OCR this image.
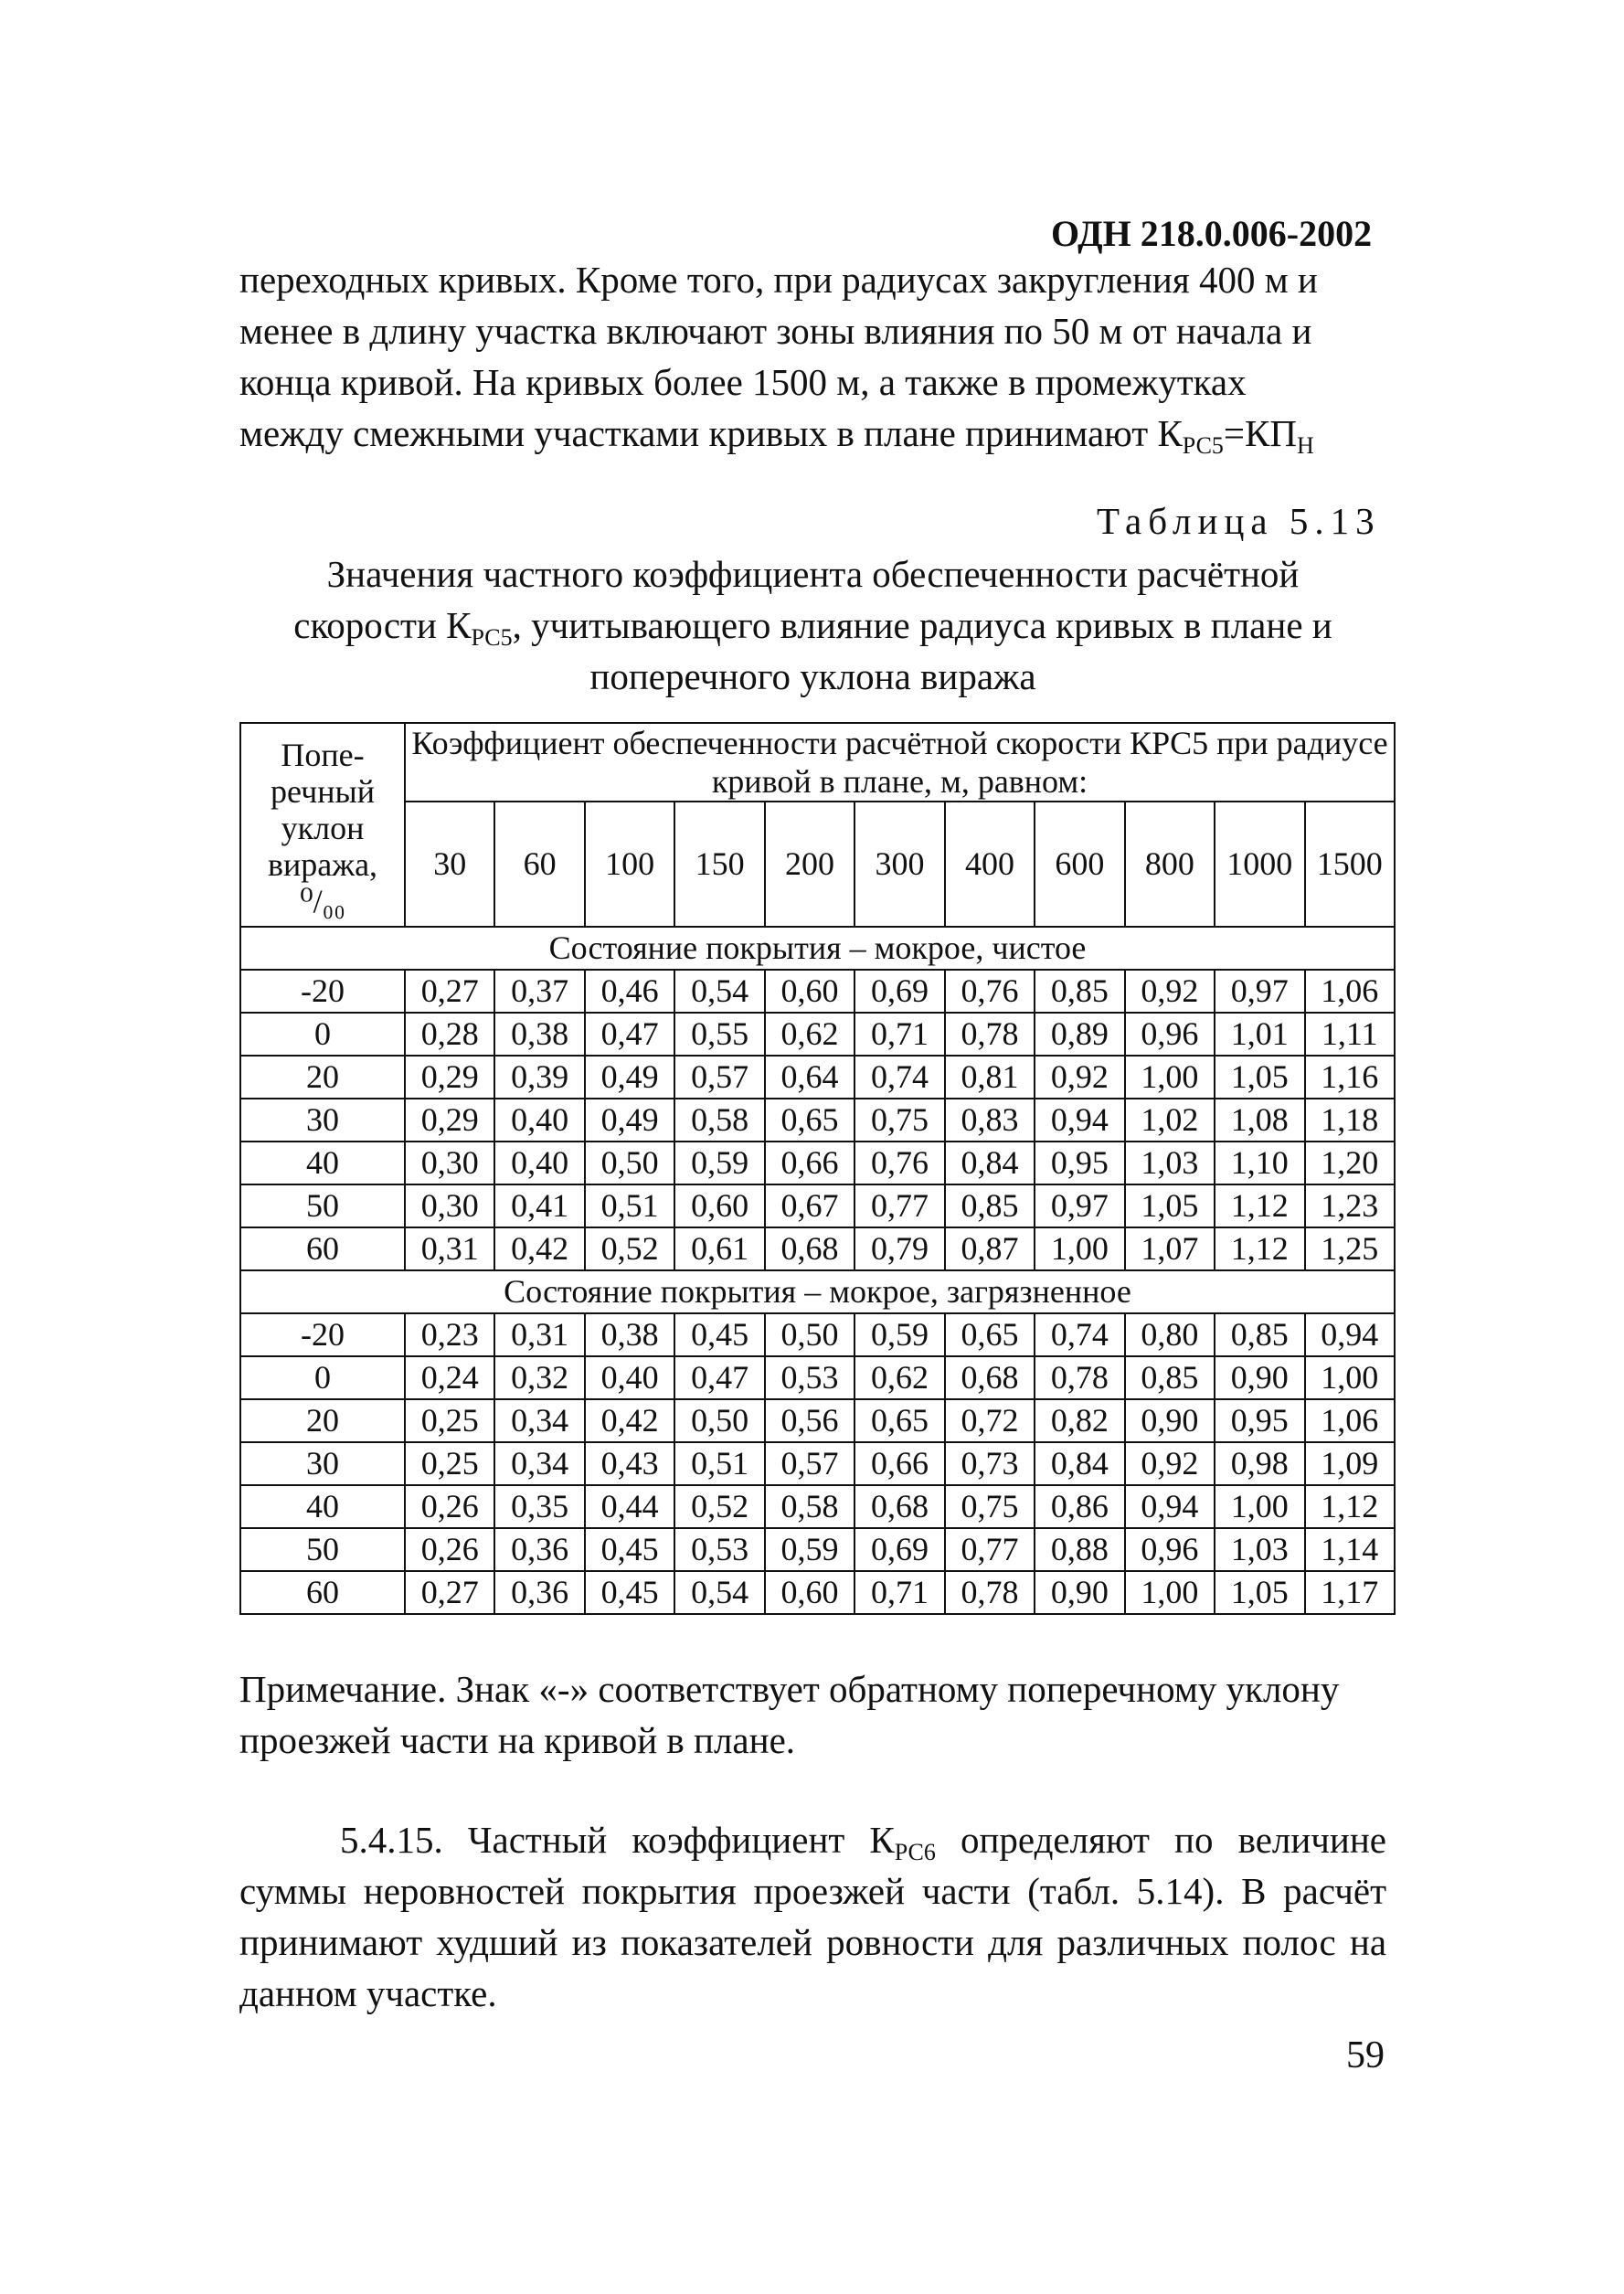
ОДН 218.0.006-2002
переходных кривых. Кроме того, при радиусах закругления 400 м и
менее в длину участка включают зоны влияния по 50 м от начала и
конца кривой. На кривых более 1500 м, а также в промежутках
между смежными участками кривых в плане принимают $К_{РС5}=КП_Н$
Таблица 5.13
Значения частного коэффициента обеспеченности расчётной
скорости $К_{РС5}$, учитывающего влияние радиуса кривых в плане и
поперечного уклона виража
Попе-
речный
уклон
виража,
⁰/₀₀	Коэффициент обеспеченности расчётной скорости КPC5 при радиусе кривой в плане, м, равном:										
	30	60	100	150	200	300	400	600	800	1000	1500
Состояние покрытия – мокрое, чистое											
-20	0,27	0,37	0,46	0,54	0,60	0,69	0,76	0,85	0,92	0,97	1,06
0	0,28	0,38	0,47	0,55	0,62	0,71	0,78	0,89	0,96	1,01	1,11
20	0,29	0,39	0,49	0,57	0,64	0,74	0,81	0,92	1,00	1,05	1,16
30	0,29	0,40	0,49	0,58	0,65	0,75	0,83	0,94	1,02	1,08	1,18
40	0,30	0,40	0,50	0,59	0,66	0,76	0,84	0,95	1,03	1,10	1,20
50	0,30	0,41	0,51	0,60	0,67	0,77	0,85	0,97	1,05	1,12	1,23
60	0,31	0,42	0,52	0,61	0,68	0,79	0,87	1,00	1,07	1,12	1,25
Состояние покрытия – мокрое, загрязненное											
-20	0,23	0,31	0,38	0,45	0,50	0,59	0,65	0,74	0,80	0,85	0,94
0	0,24	0,32	0,40	0,47	0,53	0,62	0,68	0,78	0,85	0,90	1,00
20	0,25	0,34	0,42	0,50	0,56	0,65	0,72	0,82	0,90	0,95	1,06
30	0,25	0,34	0,43	0,51	0,57	0,66	0,73	0,84	0,92	0,98	1,09
40	0,26	0,35	0,44	0,52	0,58	0,68	0,75	0,86	0,94	1,00	1,12
50	0,26	0,36	0,45	0,53	0,59	0,69	0,77	0,88	0,96	1,03	1,14
60	0,27	0,36	0,45	0,54	0,60	0,71	0,78	0,90	1,00	1,05	1,17
Примечание. Знак «-» соответствует обратному поперечному уклону
проезжей части на кривой в плане.
5.4.15. Частный коэффициент $К_{РС6}$ определяют по величине суммы неровностей покрытия проезжей части (табл. 5.14). В расчёт принимают худший из показателей ровности для различных полос на данном участке.
59
